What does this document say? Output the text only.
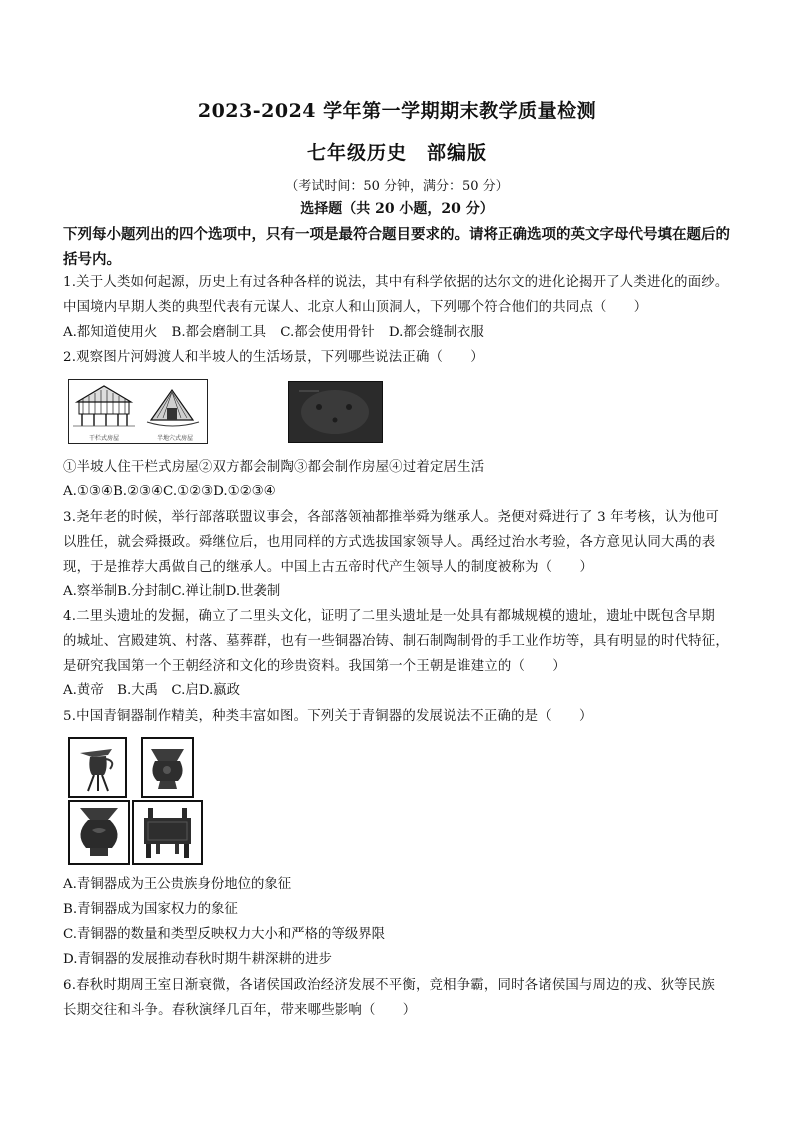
2023-2024 学年第一学期期末教学质量检测
七年级历史 部编版
（考试时间：50 分钟，满分：50 分）
选择题（共 20 小题，20 分）
下列每小题列出的四个选项中，只有一项是最符合题目要求的。请将正确选项的英文字母代号填在题后的括号内。
1.关于人类如何起源，历史上有过各种各样的说法，其中有科学依据的达尔文的进化论揭开了人类进化的面纱。
中国境内早期人类的典型代表有元谋人、北京人和山顶洞人，下列哪个符合他们的共同点（　　）
A.都知道使用火 B.都会磨制工具 C.都会使用骨针 D.都会缝制衣服
2.观察图片河姆渡人和半坡人的生活场景，下列哪些说法正确（　　）
干栏式房屋	半地穴式房屋
①半坡人住干栏式房屋②双方都会制陶③都会制作房屋④过着定居生活
A.①③④B.②③④C.①②③D.①②③④
3.尧年老的时候，举行部落联盟议事会，各部落领袖都推举舜为继承人。尧便对舜进行了 3 年考核，认为他可
以胜任，就会舜摄政。舜继位后，也用同样的方式选拔国家领导人。禹经过治水考验，各方意见认同大禹的表
现，于是推荐大禹做自己的继承人。中国上古五帝时代产生领导人的制度被称为（　　）
A.察举制B.分封制C.禅让制D.世袭制
4.二里头遗址的发掘，确立了二里头文化，证明了二里头遗址是一处具有都城规模的遗址，遗址中既包含早期
的城址、宫殿建筑、村落、墓葬群，也有一些铜器冶铸、制石制陶制骨的手工业作坊等，具有明显的时代特征，
是研究我国第一个王朝经济和文化的珍贵资料。我国第一个王朝是谁建立的（　　）
A.黄帝　B.大禹　C.启D.嬴政
5.中国青铜器制作精美，种类丰富如图。下列关于青铜器的发展说法不正确的是（　　）
A.青铜器成为王公贵族身份地位的象征
B.青铜器成为国家权力的象征
C.青铜器的数量和类型反映权力大小和严格的等级界限
D.青铜器的发展推动春秋时期牛耕深耕的进步
6.春秋时期周王室日渐衰微，各诸侯国政治经济发展不平衡，竞相争霸，同时各诸侯国与周边的戎、狄等民族
长期交往和斗争。春秋演绎几百年，带来哪些影响（　　）
